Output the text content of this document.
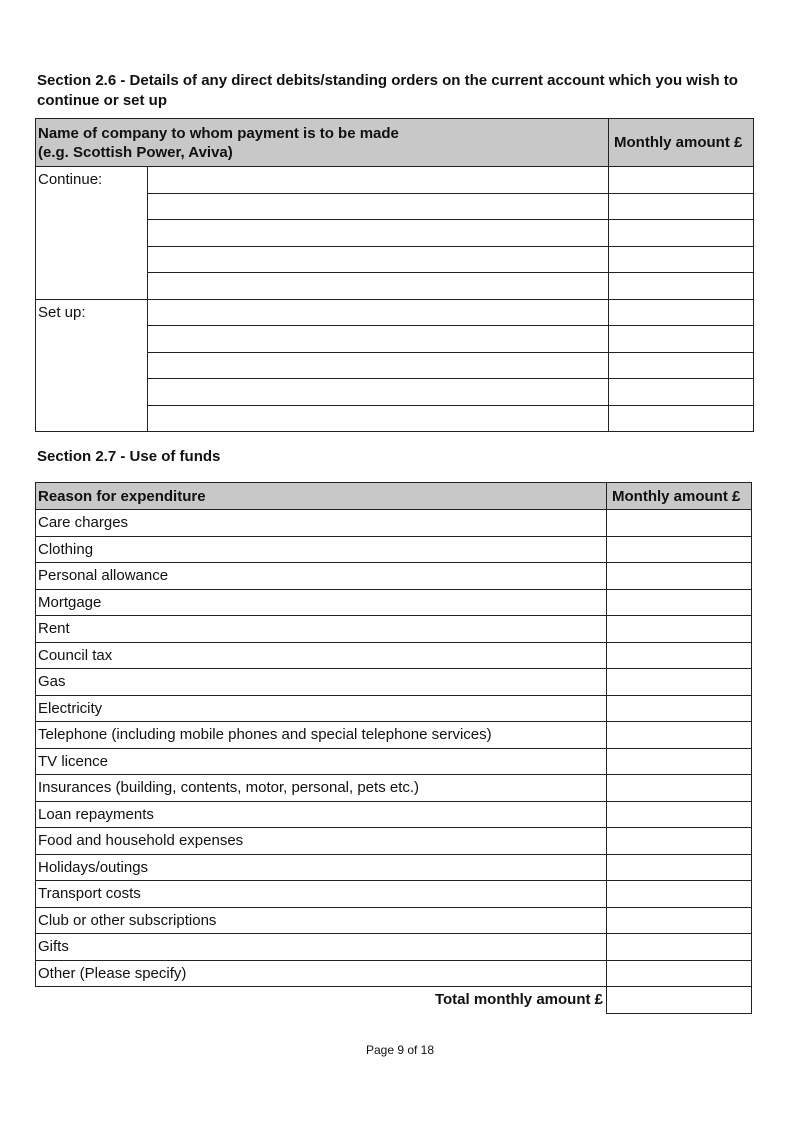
Section 2.6 - Details of any direct debits/standing orders on the current account which you wish to continue or set up
Name of company to whom payment is to be made
(e.g. Scottish Power, Aviva)		Monthly amount £
Continue:		

Set up:		

Section 2.7 - Use of funds
Reason for expenditure	Monthly amount £
Care charges	
Clothing	
Personal allowance	
Mortgage	
Rent	
Council tax	
Gas	
Electricity	
Telephone (including mobile phones and special telephone services)	
TV licence	
Insurances (building, contents, motor, personal, pets etc.)	
Loan repayments	
Food and household expenses	
Holidays/outings	
Transport costs	
Club or other subscriptions	
Gifts	
Other (Please specify)	
Total monthly amount £	
Page 9 of 18
